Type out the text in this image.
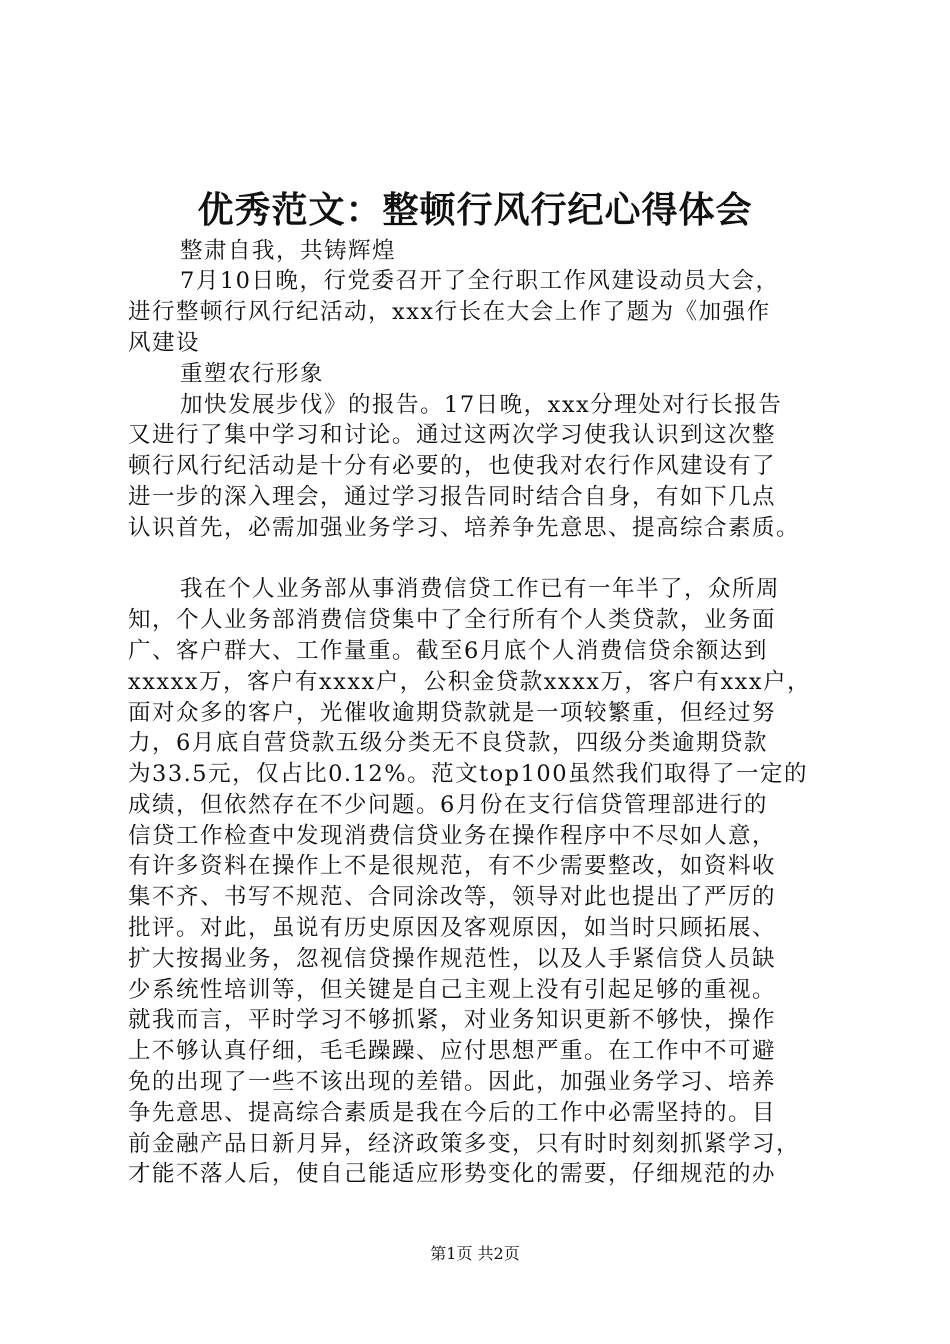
优秀范文：整顿行风行纪心得体会
整肃自我，共铸辉煌
7月10日晚，行党委召开了全行职工作风建设动员大会，
进行整顿行风行纪活动，xxx行长在大会上作了题为《加强作
风建设
重塑农行形象
加快发展步伐》的报告。17日晚，xxx分理处对行长报告
又进行了集中学习和讨论。通过这两次学习使我认识到这次整
顿行风行纪活动是十分有必要的，也使我对农行作风建设有了
进一步的深入理会，通过学习报告同时结合自身，有如下几点
认识首先，必需加强业务学习、培养争先意思、提高综合素质。
我在个人业务部从事消费信贷工作已有一年半了，众所周
知，个人业务部消费信贷集中了全行所有个人类贷款，业务面
广、客户群大、工作量重。截至6月底个人消费信贷余额达到
xxxxx万，客户有xxxx户，公积金贷款xxxx万，客户有xxx户，
面对众多的客户，光催收逾期贷款就是一项较繁重，但经过努
力，6月底自营贷款五级分类无不良贷款，四级分类逾期贷款
为33.5元，仅占比0.12%。范文top100虽然我们取得了一定的
成绩，但依然存在不少问题。6月份在支行信贷管理部进行的
信贷工作检查中发现消费信贷业务在操作程序中不尽如人意，
有许多资料在操作上不是很规范，有不少需要整改，如资料收
集不齐、书写不规范、合同涂改等，领导对此也提出了严厉的
批评。对此，虽说有历史原因及客观原因，如当时只顾拓展、
扩大按揭业务，忽视信贷操作规范性，以及人手紧信贷人员缺
少系统性培训等，但关键是自己主观上没有引起足够的重视。
就我而言，平时学习不够抓紧，对业务知识更新不够快，操作
上不够认真仔细，毛毛躁躁、应付思想严重。在工作中不可避
免的出现了一些不该出现的差错。因此，加强业务学习、培养
争先意思、提高综合素质是我在今后的工作中必需坚持的。目
前金融产品日新月异，经济政策多变，只有时时刻刻抓紧学习，
才能不落人后，使自己能适应形势变化的需要，仔细规范的办
第1页 共2页
